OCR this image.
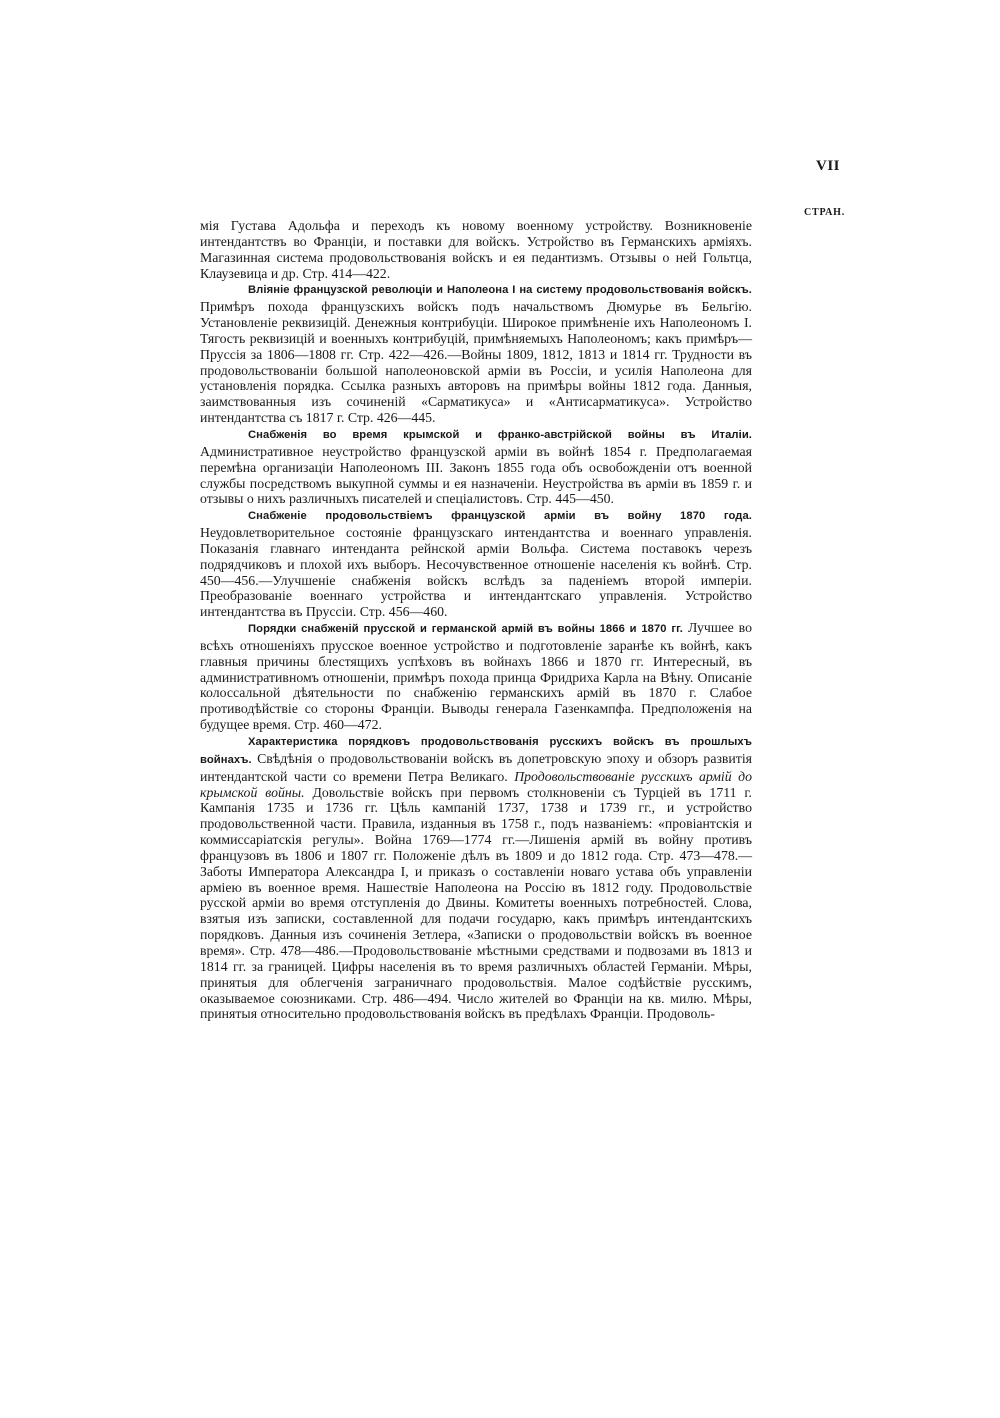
VII
СТРАН.

мія Густава Адольфа и переходъ къ новому военному устройству. Возникновеніе интендантствъ во Франціи, и поставки для войскъ. Устройство въ Германскихъ арміяхъ. Магазинная система продовольствованія войскъ и ея педантизмъ. Отзывы о ней Гольтца, Клаузевица и др. Стр. 414—422.

Вліяніе французской революціи и Наполеона I на систему продовольствованія войскъ. Примѣръ похода французскихъ войскъ подъ начальствомъ Дюмурье въ Бельгію. Установленіе реквизицій. Денежныя контрибуціи. Широкое примѣненіе ихъ Наполеономъ I. Тягость реквизицій и военныхъ контрибуцій, примѣняемыхъ Наполеономъ; какъ примѣръ—Пруссія за 1806—1808 гг. Стр. 422—426.—Войны 1809, 1812, 1813 и 1814 гг. Трудности въ продовольствованіи большой наполеоновской арміи въ Россіи, и усилія Наполеона для установленія порядка. Ссылка разныхъ авторовъ на примѣры войны 1812 года. Данныя, заимствованныя изъ сочиненій «Сарматикуса» и «Антисарматикуса». Устройство интендантства съ 1817 г. Стр. 426—445.

Снабженія во время крымской и франко-австрійской войны въ Италіи. Административное неустройство французской арміи въ войнѣ 1854 г. Предполагаемая перемѣна организаціи Наполеономъ III. Законъ 1855 года объ освобожденіи отъ военной службы посредствомъ выкупной суммы и ея назначеніи. Неустройства въ арміи въ 1859 г. и отзывы о нихъ различныхъ писателей и спеціалистовъ. Стр. 445—450.

Снабженіе продовольствіемъ французской арміи въ войну 1870 года. Неудовлетворительное состояніе французскаго интендантства и военнаго управленія. Показанія главнаго интенданта рейнской арміи Вольфа. Система поставокъ черезъ подрядчиковъ и плохой ихъ выборъ. Несочувственное отношеніе населенія къ войнѣ. Стр. 450—456.—Улучшеніе снабженія войскъ вслѣдъ за паденіемъ второй имперіи. Преобразованіе военнаго устройства и интендантскаго управленія. Устройство интендантства въ Пруссіи. Стр. 456—460.

Порядки снабженій прусской и германской армій въ войны 1866 и 1870 гг. Лучшее во всѣхъ отношеніяхъ прусское военное устройство и подготовленіе заранѣе къ войнѣ, какъ главныя причины блестящихъ успѣховъ въ войнахъ 1866 и 1870 гг. Интересный, въ административномъ отношеніи, примѣръ похода принца Фридриха Карла на Вѣну. Описаніе колоссальной дѣятельности по снабженію германскихъ армій въ 1870 г. Слабое противодѣйствіе со стороны Франціи. Выводы генерала Газенкампфа. Предположенія на будущее время. Стр. 460—472.

Характеристика порядковъ продовольствованія русскихъ войскъ въ прошлыхъ войнахъ. Свѣдѣнія о продовольствованіи войскъ въ допетровскую эпоху и обзоръ развитія интендантской части со времени Петра Великаго. Продовольствованіе русскихъ армій до крымской войны. Довольствіе войскъ при первомъ столкновеніи съ Турціей въ 1711 г. Кампанія 1735 и 1736 гг. Цѣль кампаній 1737, 1738 и 1739 гг., и устройство продовольственной части. Правила, изданныя въ 1758 г., подъ названіемъ: «провіантскія и коммиссаріатскія регулы». Война 1769—1774 гг.—Лишенія армій въ войну противъ французовъ въ 1806 и 1807 гг. Положеніе дѣлъ въ 1809 и до 1812 года. Стр. 473—478.—Заботы Императора Александра I, и приказъ о составленіи новаго устава объ управленіи арміею въ военное время. Нашествіе Наполеона на Россію въ 1812 году. Продовольствіе русской арміи во время отступленія до Двины. Комитеты военныхъ потребностей. Слова, взятыя изъ записки, составленной для подачи государю, какъ примѣръ интендантскихъ порядковъ. Данныя изъ сочиненія Зетлера, «Записки о продовольствіи войскъ въ военное время». Стр. 478—486.—Продовольствованіе мѣстными средствами и подвозами въ 1813 и 1814 гг. за границей. Цифры населенія въ то время различныхъ областей Германіи. Мѣры, принятыя для облегченія заграничнаго продовольствія. Малое содѣйствіе русскимъ, оказываемое союзниками. Стр. 486—494. Число жителей во Франціи на кв. милю. Мѣры, принятыя относительно продовольствованія войскъ въ предѣлахъ Франціи. Продоволь-
